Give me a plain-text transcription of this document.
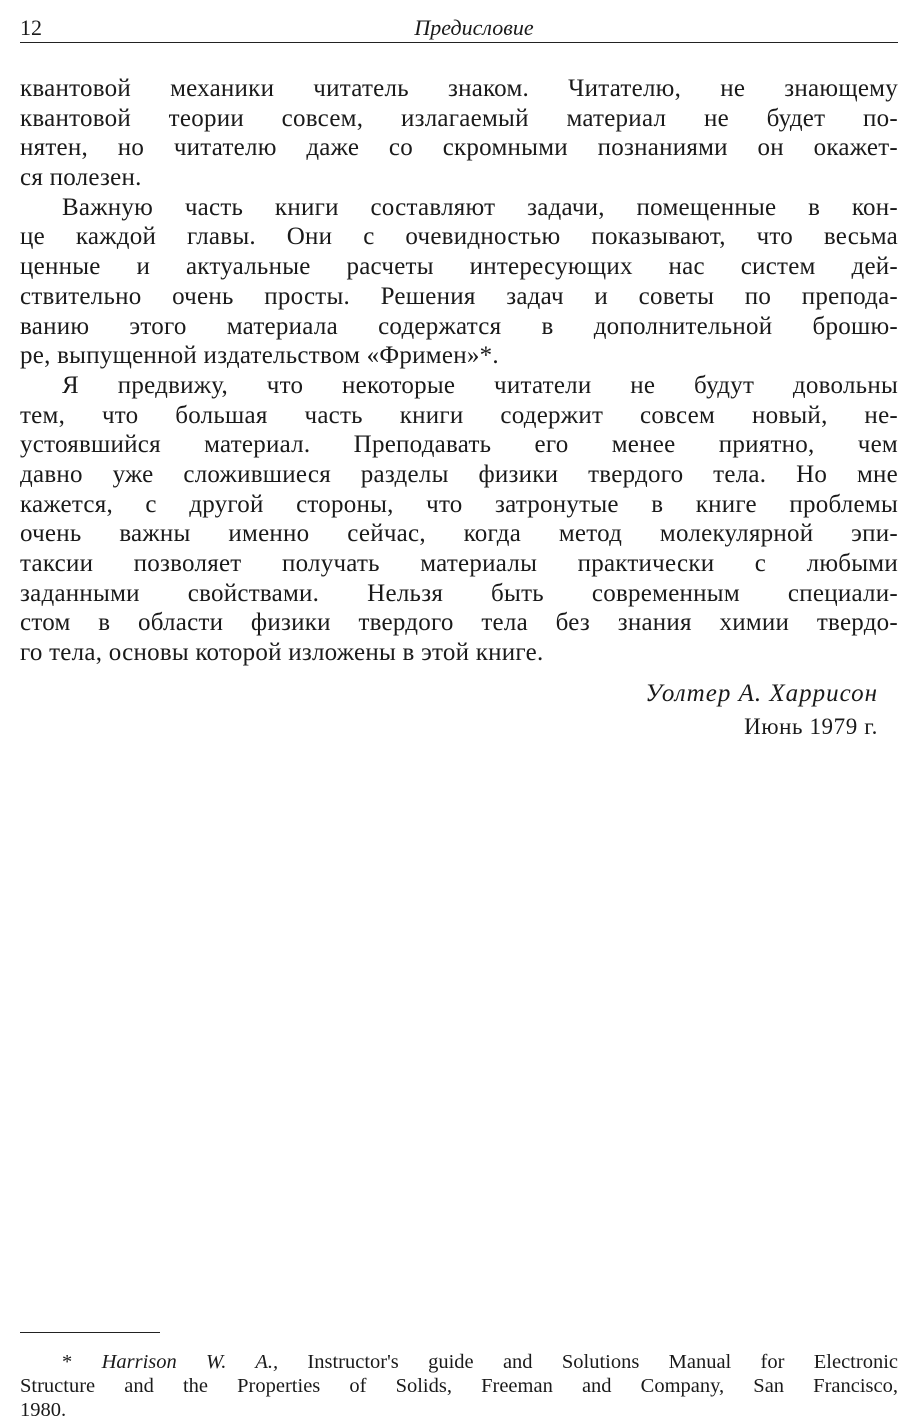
12	Предисловие

квантовой механики читатель знаком. Читателю, не знающему
квантовой теории совсем, излагаемый материал не будет по-
нятен, но читателю даже со скромными познаниями он окажет-
ся полезен.

Важную часть книги составляют задачи, помещенные в кон-
це каждой главы. Они с очевидностью показывают, что весьма
ценные и актуальные расчеты интересующих нас систем дей-
ствительно очень просты. Решения задач и советы по препода-
ванию этого материала содержатся в дополнительной брошю-
ре, выпущенной издательством «Фримен»*.

Я предвижу, что некоторые читатели не будут довольны
тем, что большая часть книги содержит совсем новый, не-
устоявшийся материал. Преподавать его менее приятно, чем
давно уже сложившиеся разделы физики твердого тела. Но мне
кажется, с другой стороны, что затронутые в книге проблемы
очень важны именно сейчас, когда метод молекулярной эпи-
таксии позволяет получать материалы практически с любыми
заданными свойствами. Нельзя быть современным специали-
стом в области физики твердого тела без знания химии твердо-
го тела, основы которой изложены в этой книге.

Уолтер А. Харрисон
Июнь 1979 г.
* Harrison W. A., Instructor's guide and Solutions Manual for Electronic
Structure and the Properties of Solids, Freeman and Company, San Francisco,
1980.
